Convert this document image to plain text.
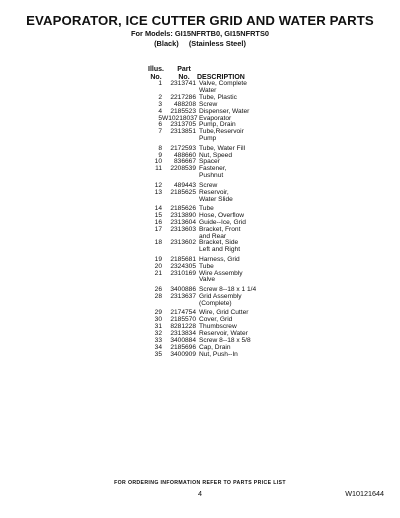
EVAPORATOR, ICE CUTTER GRID AND WATER PARTS
For Models: GI15NFRTB0, GI15NFRTS0
(Black) (Stainless Steel)
Illus.
No.
Part
No.	DESCRIPTION
1	2313741 Valve, Complete
Water
2	2217286 Tube, Plastic
3	488208 Screw
4	2185523 Dispenser, Water
5 W10218037 Evaporator
6	2313705 Pump, Drain
7	2313851 Tube,Reservoir
Pump
8	2172593 Tube, Water Fill
9	488660 Nut, Speed
10	836667 Spacer
11	2208539 Fastener,
Pushnut
12	489443 Screw
13	2185625 Reservoir,
Water Slide
14	2185626 Tube
15	2313890 Hose, Overflow
16	2313604 Guide--Ice, Grid
17	2313603 Bracket, Front
and Rear
18	2313602 Bracket, Side
Left and Right
19	2185681 Harness, Grid
20	2324305 Tube
21	2310169 Wire Assembly
Valve
26	3400886 Screw 8--18 x 1 1/4
28	2313637 Grid Assembly
(Complete)
29	2174754 Wire, Grid Cutter
30	2185570 Cover, Grid
31	8281228 Thumbscrew
32	2313834 Reservoir, Water
33	3400884 Screw 8--18 x 5/8
34	2185696 Cap, Drain
35	3400909 Nut, Push--In
FOR ORDERING INFORMATION REFER TO PARTS PRICE LIST
4	W10121644
